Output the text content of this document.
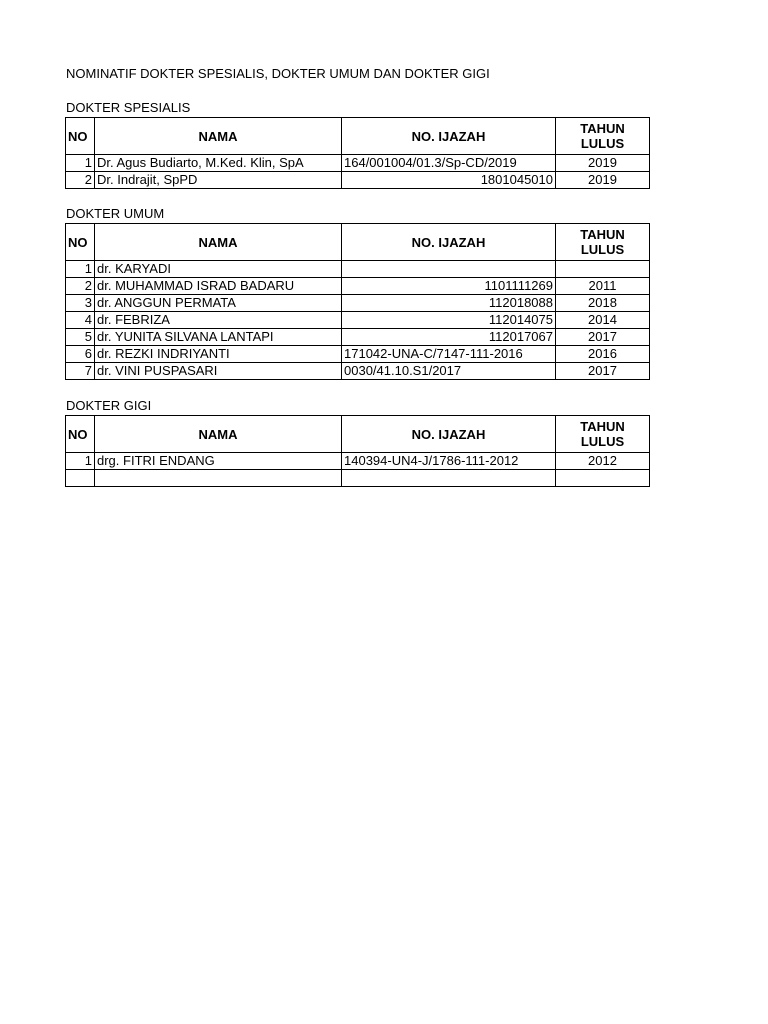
NOMINATIF DOKTER SPESIALIS, DOKTER UMUM DAN DOKTER GIGI
DOKTER SPESIALIS
NO	NAMA	NO. IJAZAH	TAHUN LULUS
1	Dr. Agus Budiarto, M.Ked. Klin, SpA	164/001004/01.3/Sp-CD/2019	2019
2	Dr. Indrajit, SpPD	1801045010	2019
DOKTER UMUM
NO	NAMA	NO. IJAZAH	TAHUN LULUS
1	dr. KARYADI		
2	dr. MUHAMMAD ISRAD BADARU	1101111269	2011
3	dr. ANGGUN PERMATA	112018088	2018
4	dr. FEBRIZA	112014075	2014
5	dr. YUNITA SILVANA LANTAPI	112017067	2017
6	dr. REZKI INDRIYANTI	171042-UNA-C/7147-111-2016	2016
7	dr. VINI PUSPASARI	0030/41.10.S1/2017	2017
DOKTER GIGI
NO	NAMA	NO. IJAZAH	TAHUN LULUS
1	drg. FITRI ENDANG	140394-UN4-J/1786-111-2012	2012
